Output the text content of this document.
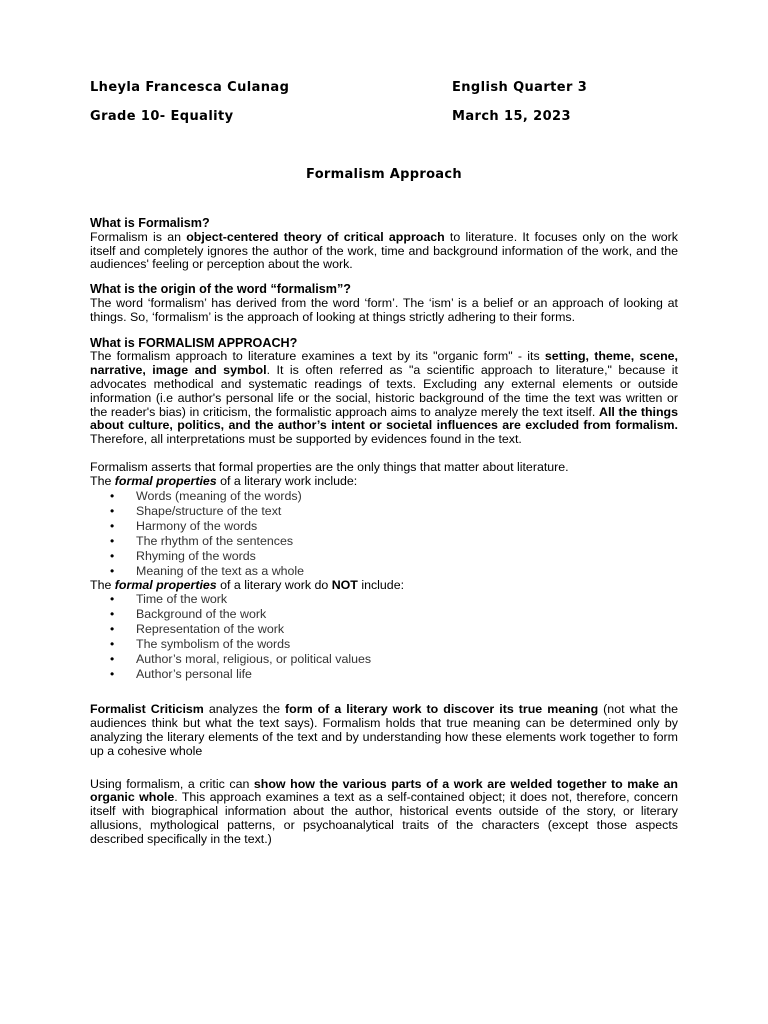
Lheyla Francesca Culanag	English Quarter 3
Grade 10- Equality	March 15, 2023
Formalism Approach

What is Formalism?

Formalism is an object-centered theory of critical approach to literature. It focuses only on the work itself and completely ignores the author of the work, time and background information of the work, and the audiences' feeling or perception about the work.

What is the origin of the word “formalism”?

The word ‘formalism’ has derived from the word ‘form’. The ‘ism’ is a belief or an approach of looking at things. So, ‘formalism’ is the approach of looking at things strictly adhering to their forms.

What is FORMALISM APPROACH?

The formalism approach to literature examines a text by its "organic form" - its setting, theme, scene, narrative, image and symbol. It is often referred as "a scientific approach to literature," because it advocates methodical and systematic readings of texts. Excluding any external elements or outside information (i.e author's personal life or the social, historic background of the time the text was written or the reader's bias) in criticism, the formalistic approach aims to analyze merely the text itself. All the things about culture, politics, and the author’s intent or societal influences are excluded from formalism. Therefore, all interpretations must be supported by evidences found in the text.

Formalism asserts that formal properties are the only things that matter about literature.

The formal properties of a literary work include:

•	Words (meaning of the words)
•	Shape/structure of the text
•	Harmony of the words
•	The rhythm of the sentences
•	Rhyming of the words
•	Meaning of the text as a whole

The formal properties of a literary work do NOT include:

•	Time of the work
•	Background of the work
•	Representation of the work
•	The symbolism of the words
•	Author’s moral, religious, or political values
•	Author’s personal life

Formalist Criticism analyzes the form of a literary work to discover its true meaning (not what the audiences think but what the text says). Formalism holds that true meaning can be determined only by analyzing the literary elements of the text and by understanding how these elements work together to form up a cohesive whole

Using formalism, a critic can show how the various parts of a work are welded together to make an organic whole. This approach examines a text as a self-contained object; it does not, therefore, concern itself with biographical information about the author, historical events outside of the story, or literary allusions, mythological patterns, or psychoanalytical traits of the characters (except those aspects described specifically in the text.)
